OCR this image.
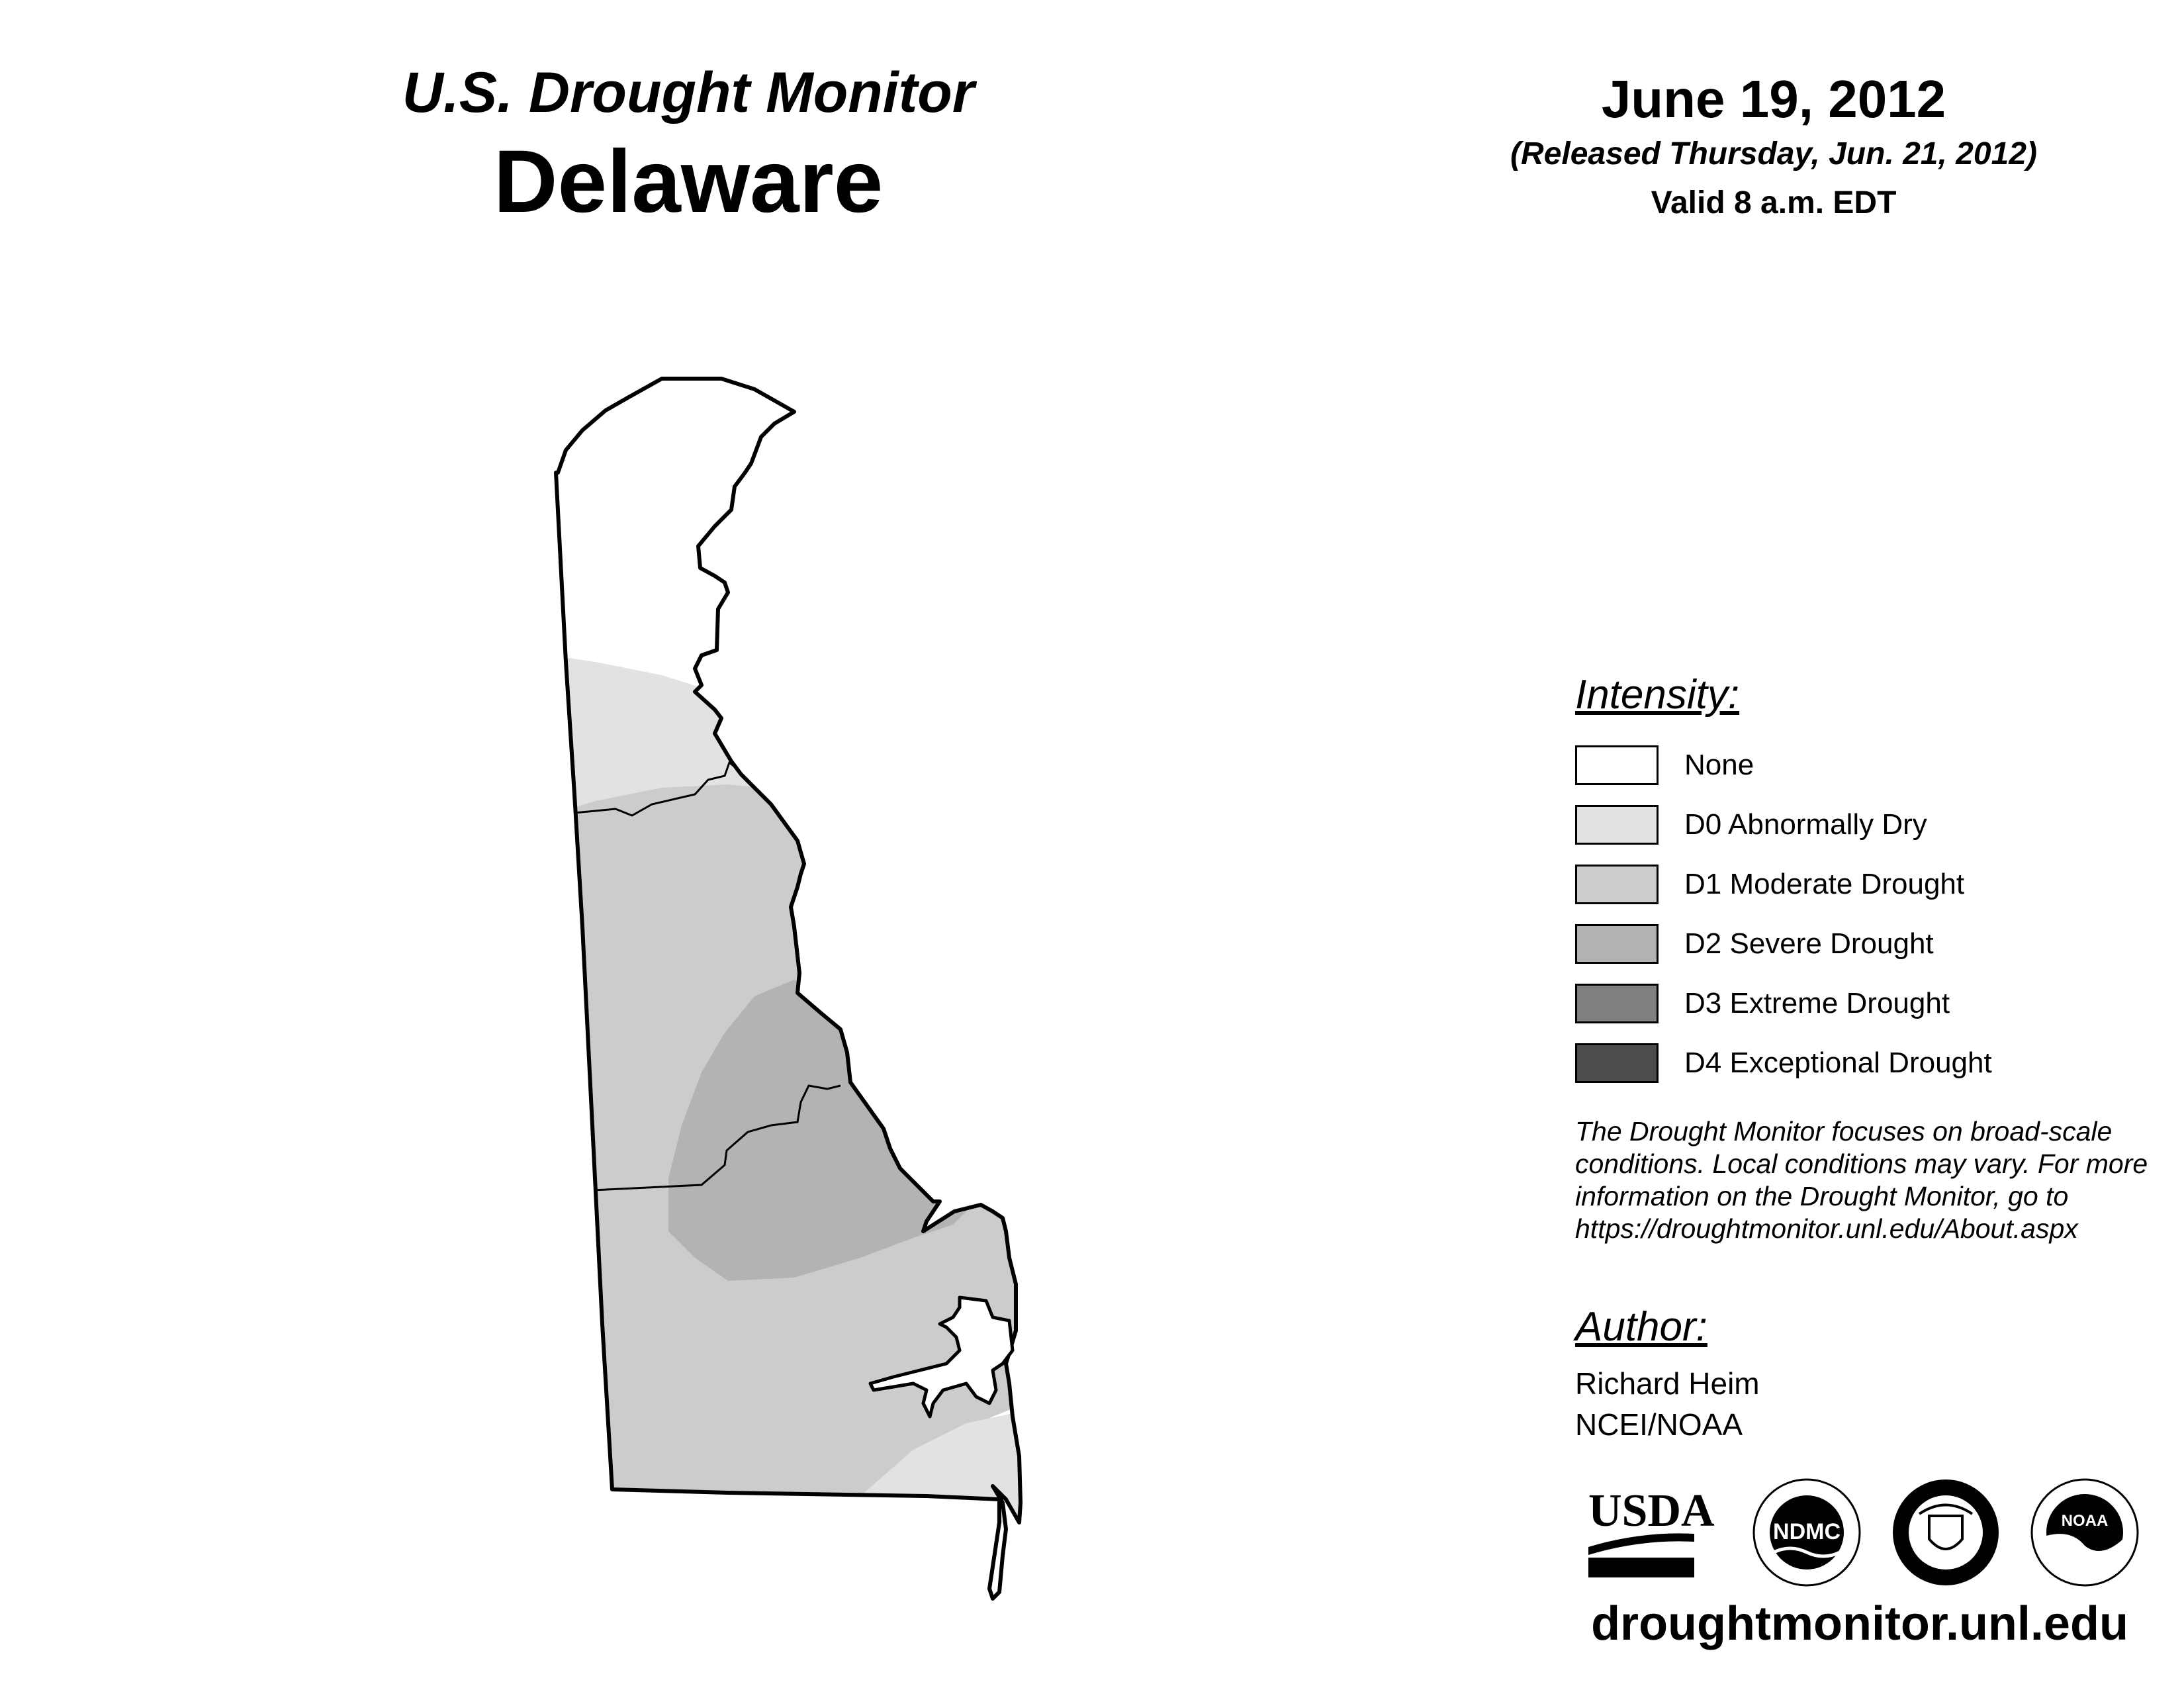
U.S. Drought Monitor
Delaware
June 19, 2012
(Released Thursday, Jun. 21, 2012)
Valid 8 a.m. EDT
Intensity:
None
D0 Abnormally Dry
D1 Moderate Drought
D2 Severe Drought
D3 Extreme Drought
D4 Exceptional Drought
The Drought Monitor focuses on broad-scale conditions. Local conditions may vary. For more information on the Drought Monitor, go to https://droughtmonitor.unl.edu/About.aspx
Author:
Richard Heim
NCEI/NOAA
USDA	NDMC	NOAA
droughtmonitor.unl.edu
